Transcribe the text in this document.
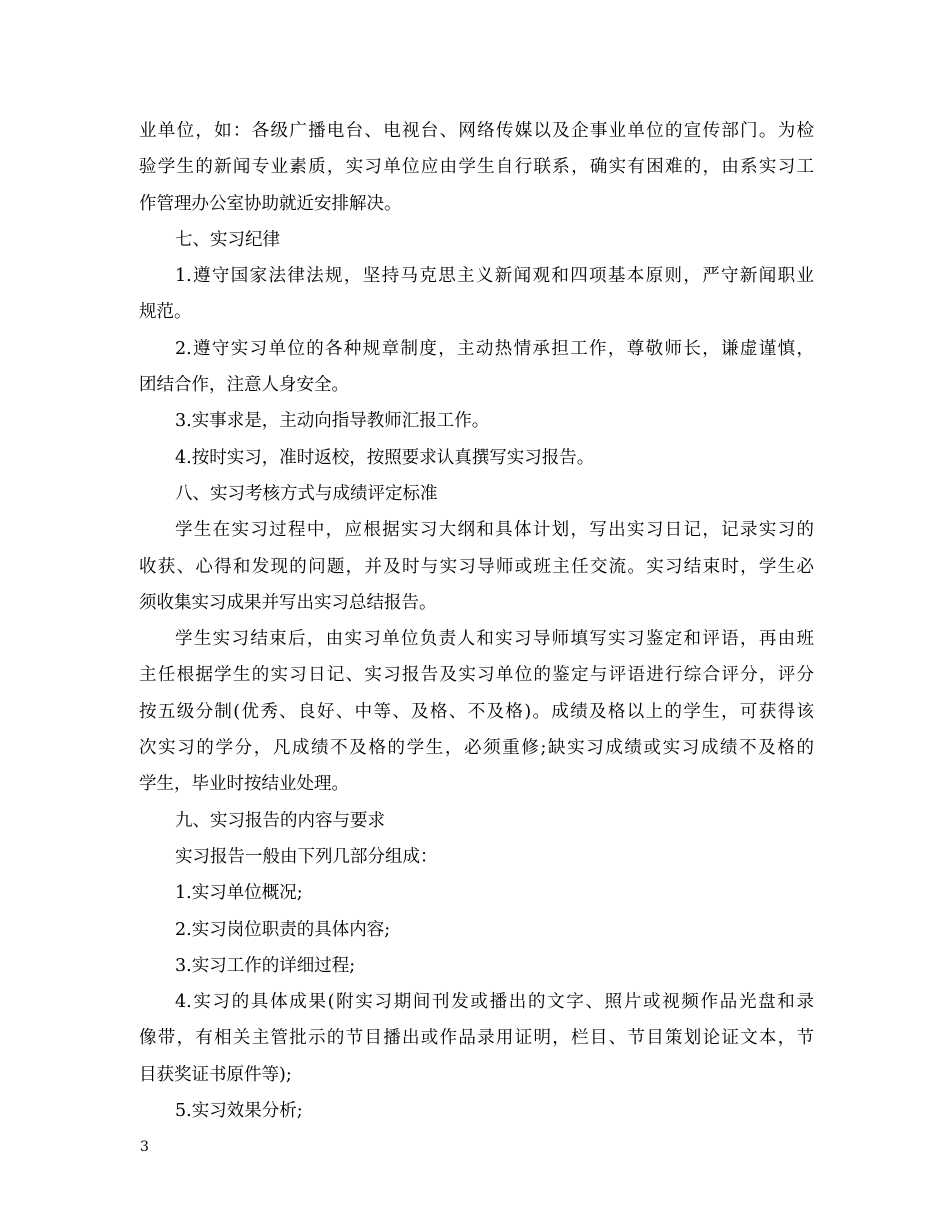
业单位，如：各级广播电台、电视台、网络传媒以及企事业单位的宣传部门。为检
验学生的新闻专业素质，实习单位应由学生自行联系，确实有困难的，由系实习工
作管理办公室协助就近安排解决。
七、实习纪律
1.遵守国家法律法规，坚持马克思主义新闻观和四项基本原则，严守新闻职业
规范。
2.遵守实习单位的各种规章制度，主动热情承担工作，尊敬师长，谦虚谨慎，
团结合作，注意人身安全。
3.实事求是，主动向指导教师汇报工作。
4.按时实习，准时返校，按照要求认真撰写实习报告。
八、实习考核方式与成绩评定标准
学生在实习过程中，应根据实习大纲和具体计划，写出实习日记，记录实习的
收获、心得和发现的问题，并及时与实习导师或班主任交流。实习结束时，学生必
须收集实习成果并写出实习总结报告。
学生实习结束后，由实习单位负责人和实习导师填写实习鉴定和评语，再由班
主任根据学生的实习日记、实习报告及实习单位的鉴定与评语进行综合评分，评分
按五级分制(优秀、良好、中等、及格、不及格)。成绩及格以上的学生，可获得该
次实习的学分，凡成绩不及格的学生，必须重修;缺实习成绩或实习成绩不及格的
学生，毕业时按结业处理。
九、实习报告的内容与要求
实习报告一般由下列几部分组成：
1.实习单位概况;
2.实习岗位职责的具体内容;
3.实习工作的详细过程;
4.实习的具体成果(附实习期间刊发或播出的文字、照片或视频作品光盘和录
像带，有相关主管批示的节目播出或作品录用证明，栏目、节目策划论证文本，节
目获奖证书原件等);
5.实习效果分析;
3
